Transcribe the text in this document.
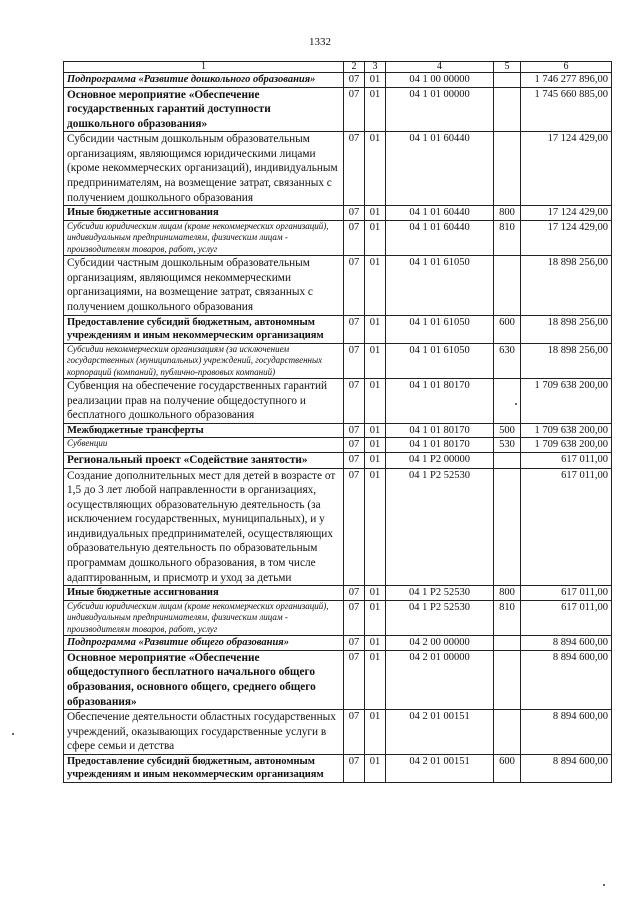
1332
1	2	3	4	5	6
Подпрограмма «Развитие дошкольного образования»	07	01	04 1 00 00000		1 746 277 896,00
Основное мероприятие «Обеспечение государственных гарантий доступности дошкольного образования»	07	01	04 1 01 00000		1 745 660 885,00
Субсидии частным дошкольным образовательным организациям, являющимся юридическими лицами (кроме некоммерческих организаций), индивидуальным предпринимателям, на возмещение затрат, связанных с получением дошкольного образования	07	01	04 1 01 60440		17 124 429,00
Иные бюджетные ассигнования	07	01	04 1 01 60440	800	17 124 429,00
Субсидии юридическим лицам (кроме некоммерческих организаций), индивидуальным предпринимателям, физическим лицам - производителям товаров, работ, услуг	07	01	04 1 01 60440	810	17 124 429,00
Субсидии частным дошкольным образовательным организациям, являющимся некоммерческими организациями, на возмещение затрат, связанных с получением дошкольного образования	07	01	04 1 01 61050		18 898 256,00
Предоставление субсидий бюджетным, автономным учреждениям и иным некоммерческим организациям	07	01	04 1 01 61050	600	18 898 256,00
Субсидии некоммерческим организациям (за исключением государственных (муниципальных) учреждений, государственных корпораций (компаний), публично-правовых компаний)	07	01	04 1 01 61050	630	18 898 256,00
Субвенция на обеспечение государственных гарантий реализации прав на получение общедоступного и бесплатного дошкольного образования	07	01	04 1 01 80170		1 709 638 200,00
Межбюджетные трансферты	07	01	04 1 01 80170	500	1 709 638 200,00
Субвенции	07	01	04 1 01 80170	530	1 709 638 200,00
Региональный проект «Содействие занятости»	07	01	04 1 P2 00000		617 011,00
Создание дополнительных мест для детей в возрасте от 1,5 до 3 лет любой направленности в организациях, осуществляющих образовательную деятельность (за исключением государственных, муниципальных), и у индивидуальных предпринимателей, осуществляющих образовательную деятельность по образовательным программам дошкольного образования, в том числе адаптированным, и присмотр и уход за детьми	07	01	04 1 P2 52530		617 011,00
Иные бюджетные ассигнования	07	01	04 1 P2 52530	800	617 011,00
Субсидии юридическим лицам (кроме некоммерческих организаций), индивидуальным предпринимателям, физическим лицам - производителям товаров, работ, услуг	07	01	04 1 P2 52530	810	617 011,00
Подпрограмма «Развитие общего образования»	07	01	04 2 00 00000		8 894 600,00
Основное мероприятие «Обеспечение общедоступного бесплатного начального общего образования, основного общего, среднего общего образования»	07	01	04 2 01 00000		8 894 600,00
Обеспечение деятельности областных государственных учреждений, оказывающих государственные услуги в сфере семьи и детства	07	01	04 2 01 00151		8 894 600,00
Предоставление субсидий бюджетным, автономным учреждениям и иным некоммерческим организациям	07	01	04 2 01 00151	600	8 894 600,00
